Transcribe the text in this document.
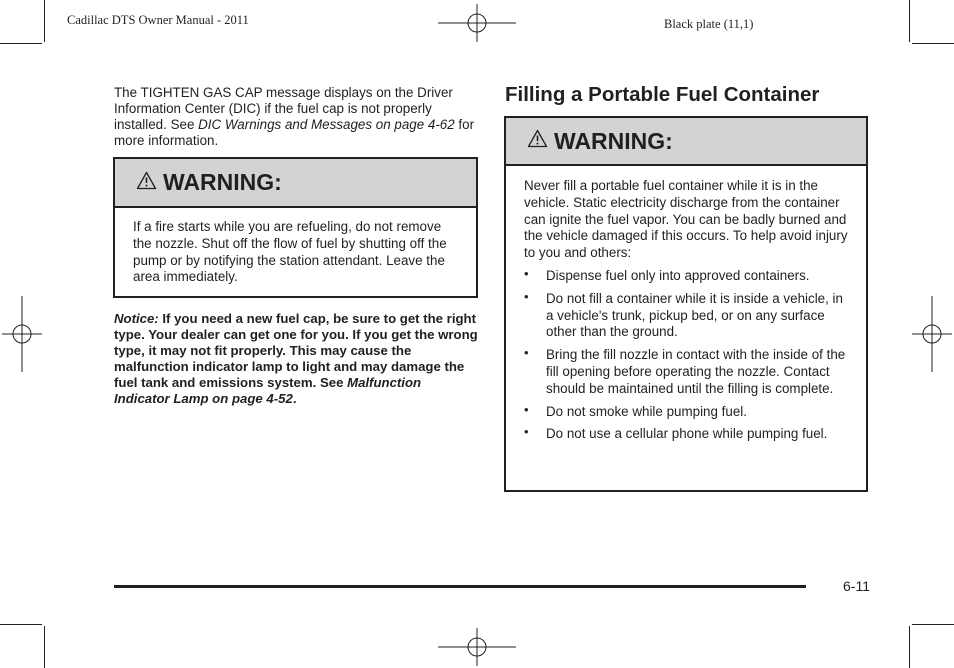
Cadillac DTS Owner Manual - 2011	Black plate (11,1)
The TIGHTEN GAS CAP message displays on the Driver Information Center (DIC) if the fuel cap is not properly installed. See DIC Warnings and Messages on page 4-62 for more information.
WARNING:
If a fire starts while you are refueling, do not remove the nozzle. Shut off the flow of fuel by shutting off the pump or by notifying the station attendant. Leave the area immediately.
Notice: If you need a new fuel cap, be sure to get the right type. Your dealer can get one for you. If you get the wrong type, it may not fit properly. This may cause the malfunction indicator lamp to light and may damage the fuel tank and emissions system. See Malfunction Indicator Lamp on page 4-52.
Filling a Portable Fuel Container
WARNING:

Never fill a portable fuel container while it is in the vehicle. Static electricity discharge from the container can ignite the fuel vapor. You can be badly burned and the vehicle damaged if this occurs. To help avoid injury to you and others:

• Dispense fuel only into approved containers.
• Do not fill a container while it is inside a vehicle, in a vehicle's trunk, pickup bed, or on any surface other than the ground.
• Bring the fill nozzle in contact with the inside of the fill opening before operating the nozzle. Contact should be maintained until the filling is complete.
• Do not smoke while pumping fuel.
• Do not use a cellular phone while pumping fuel.
6-11
